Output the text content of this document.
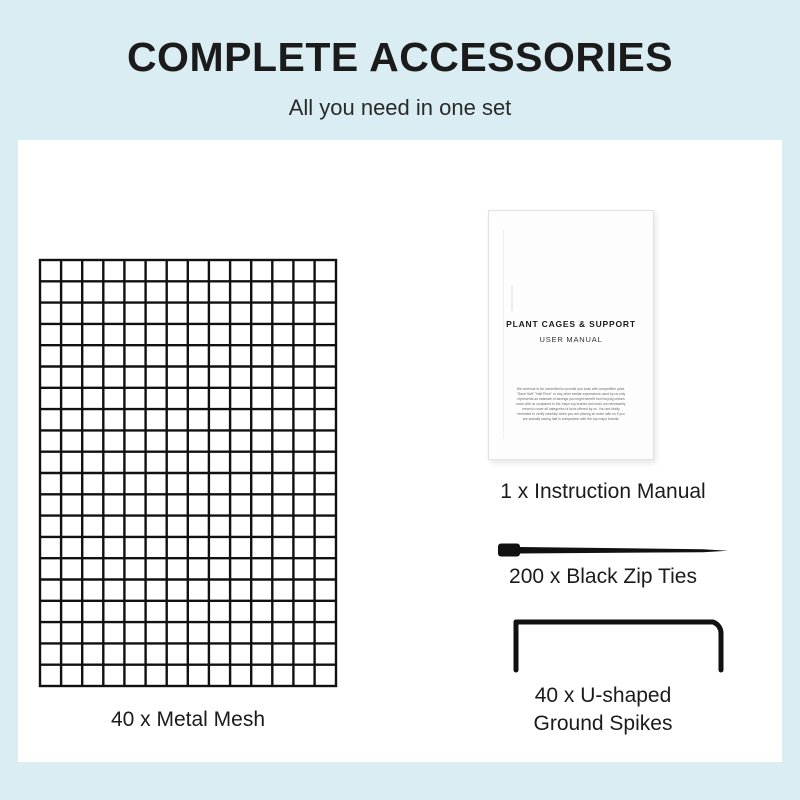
COMPLETE ACCESSORIES

All you need in one set

40 x Metal Mesh
PLANT CAGES & SUPPORT
USER MANUAL
We continue to be committed to provide you tools with competitive price. "Save Half" "Half Price" or any other similar expressions used by us only represents an estimate of savings you might benefit from buying certain tools with us compared to the major top brands and does not necessarily mean to cover all categories of tools offered by us. You are kindly reminded to verify carefully when you are placing an order with us if you are actually saving half in comparison with the top major brands.
1 x Instruction Manual
200 x Black Zip Ties
40 x U-shaped
Ground Spikes
